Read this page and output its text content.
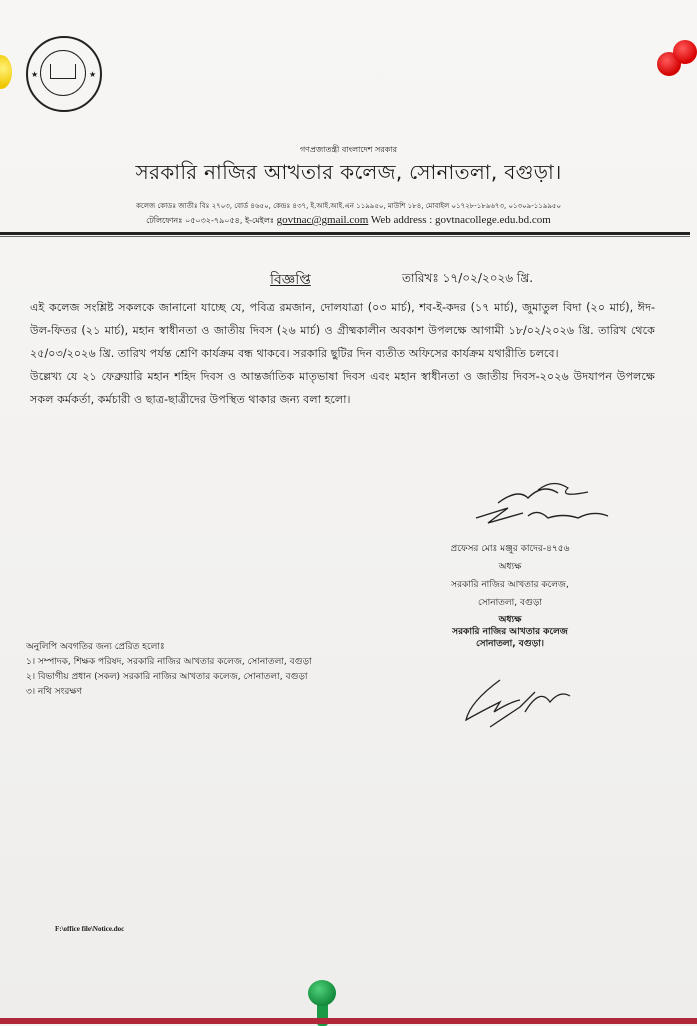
★	★
গণপ্রজাতন্ত্রী বাংলাদেশ সরকার
সরকারি নাজির আখতার কলেজ, সোনাতলা, বগুড়া।
কলেজ কোডঃ জাতীঃ বিঃ ২৭০৩, বোর্ড ৪৬৫০, কেন্দ্রঃ ৪৩৭, ই.আই.আই.এন ১১৯৯৫০, মাউশি ১৮৪, মোবাইল ০১৭২৮-১৮৯৬৭৩, ০১৩০৯-১১৯৯৫০
টেলিফোনঃ ০৫০৩২-৭৯০৫৪, ই-মেইলঃ govtnac@gmail.com Web address : govtnacollege.edu.bd.com
বিজ্ঞপ্তি	তারিখঃ ১৭/০২/২০২৬ খ্রি.

এই কলেজ সংশ্লিষ্ট সকলকে জানানো যাচ্ছে যে, পবিত্র রমজান, দোলযাত্রা (০৩ মার্চ), শব-ই-কদর (১৭ মার্চ), জুমাতুল বিদা (২০ মার্চ), ঈদ-উল-ফিতর (২১ মার্চ), মহান স্বাধীনতা ও জাতীয় দিবস (২৬ মার্চ) ও গ্রীষ্মকালীন অবকাশ উপলক্ষে আগামী ১৮/০২/২০২৬ খ্রি. তারিখ থেকে ২৫/০৩/২০২৬ খ্রি. তারিখ পর্যন্ত শ্রেণি কার্যক্রম বন্ধ থাকবে। সরকারি ছুটির দিন ব্যতীত অফিসের কার্যক্রম যথারীতি চলবে।

উল্লেখ্য যে ২১ ফেব্রুয়ারি মহান শহিদ দিবস ও আন্তর্জাতিক মাতৃভাষা দিবস এবং মহান স্বাধীনতা ও জাতীয় দিবস-২০২৬ উদযাপন উপলক্ষে সকল কর্মকর্তা, কর্মচারী ও ছাত্র-ছাত্রীদের উপস্থিত থাকার জন্য বলা হলো।

প্রফেসর মোঃ মঞ্জুর কাদের-৪৭৫৬
অধ্যক্ষ
সরকারি নাজির আখতার কলেজ,
সোনাতলা, বগুড়া
অধ্যক্ষ
সরকারি নাজির আখতার কলেজ
সোনাতলা, বগুড়া।
অনুলিপি অবগতির জন্য প্রেরিত হলোঃ
১। সম্পাদক, শিক্ষক পরিষদ, সরকারি নাজির আখতার কলেজ, সোনাতলা, বগুড়া
২। বিভাগীয় প্রধান (সকল) সরকারি নাজির আখতার কলেজ, সোনাতলা, বগুড়া
৩। নথি সংরক্ষণ
F:\office file\Notice.doc
